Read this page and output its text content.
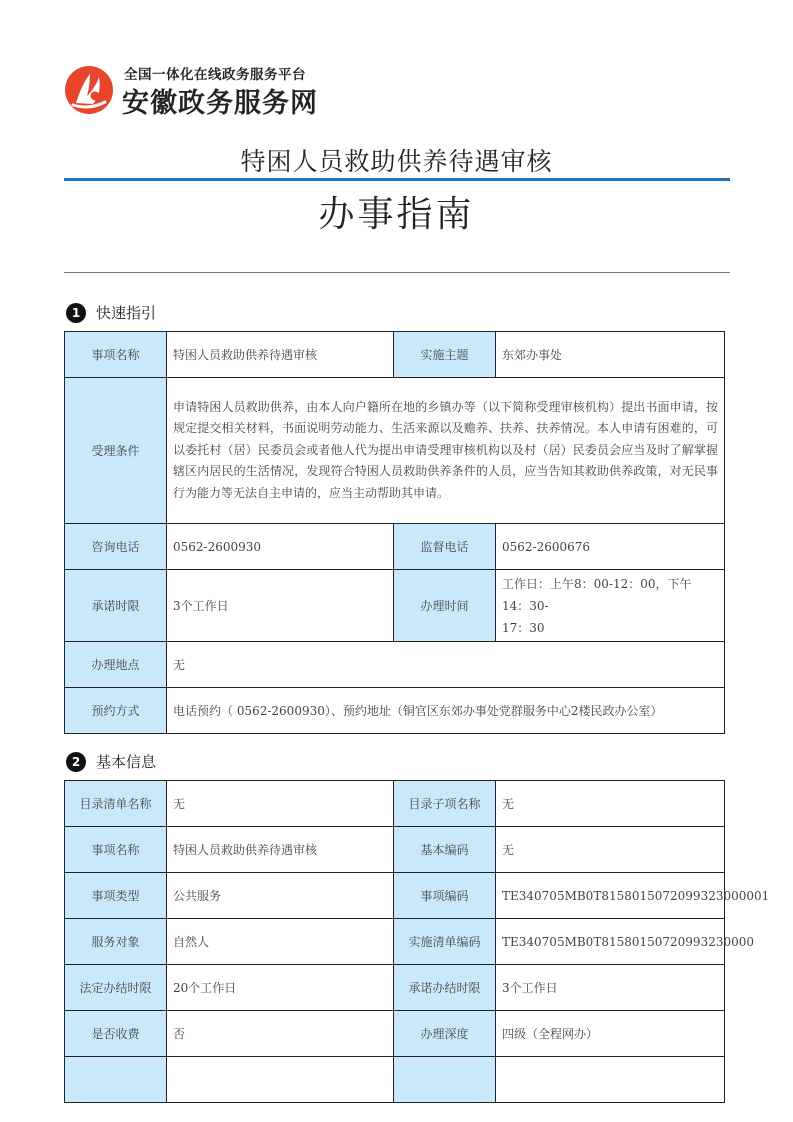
全国一体化在线政务服务平台
安徽政务服务网
特困人员救助供养待遇审核
办事指南
1	快速指引
事项名称	特困人员救助供养待遇审核	实施主题	东郊办事处
受理条件	申请特困人员救助供养，由本人向户籍所在地的乡镇办等（以下简称受理审核机构）提出书面申请，按规定提交相关材料，书面说明劳动能力、生活来源以及赡养、扶养、扶养情况。本人申请有困难的，可以委托村（居）民委员会或者他人代为提出申请受理审核机构以及村（居）民委员会应当及时了解掌握辖区内居民的生活情况，发现符合特困人员救助供养条件的人员，应当告知其救助供养政策，对无民事行为能力等无法自主申请的，应当主动帮助其申请。		
咨询电话	0562-2600930	监督电话	0562-2600676
承诺时限	3个工作日	办理时间	工作日：上午8：00-12：00，下午14：30-
17：30
办理地点	无		
预约方式	电话预约（ 0562-2600930）、预约地址（铜官区东郊办事处党群服务中心2楼民政办公室）		
2	基本信息
目录清单名称	无	目录子项名称	无
事项名称	特困人员救助供养待遇审核	基本编码	无
事项类型	公共服务	事项编码	TE340705MB0T8158015072099323000001
服务对象	自然人	实施清单编码	TE340705MB0T81580150720993230000
法定办结时限	20个工作日	承诺办结时限	3个工作日
是否收费	否	办理深度	四级（全程网办）
